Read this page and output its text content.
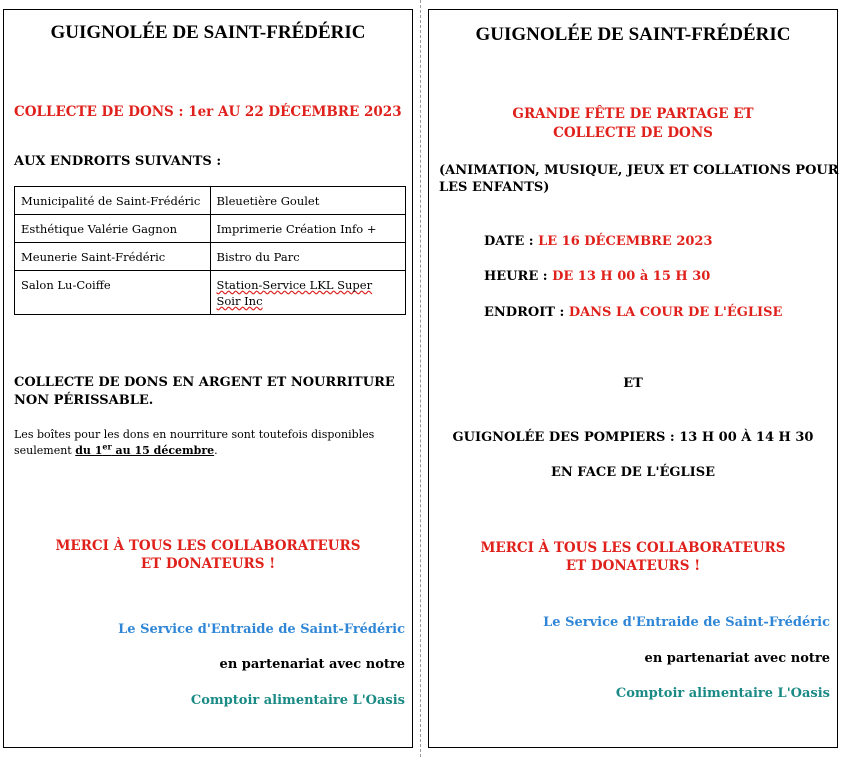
GUIGNOLÉE DE SAINT-FRÉDÉRIC

COLLECTE DE DONS : 1er AU 22 DÉCEMBRE 2023

AUX ENDROITS SUIVANTS :

Municipalité de Saint-Frédéric	Bleuetière Goulet
Esthétique Valérie Gagnon	Imprimerie Création Info +
Meunerie Saint-Frédéric	Bistro du Parc
Salon Lu-Coiffe	Station-Service LKL Super Soir Inc

COLLECTE DE DONS EN ARGENT ET NOURRITURE

NON PÉRISSABLE.

Les boîtes pour les dons en nourriture sont toutefois disponibles

seulement du 1er au 15 décembre.

MERCI À TOUS LES COLLABORATEURS

ET DONATEURS !

Le Service d'Entraide de Saint-Frédéric

en partenariat avec notre

Comptoir alimentaire L'Oasis

GUIGNOLÉE DE SAINT-FRÉDÉRIC

GRANDE FÊTE DE PARTAGE ET

COLLECTE DE DONS

(ANIMATION, MUSIQUE, JEUX ET COLLATIONS POUR

LES ENFANTS)

DATE : LE 16 DÉCEMBRE 2023

HEURE : DE 13 H 00 à 15 H 30

ENDROIT : DANS LA COUR DE L'ÉGLISE

ET

GUIGNOLÉE DES POMPIERS : 13 H 00 À 14 H 30

EN FACE DE L'ÉGLISE

MERCI À TOUS LES COLLABORATEURS

ET DONATEURS !

Le Service d'Entraide de Saint-Frédéric

en partenariat avec notre

Comptoir alimentaire L'Oasis
